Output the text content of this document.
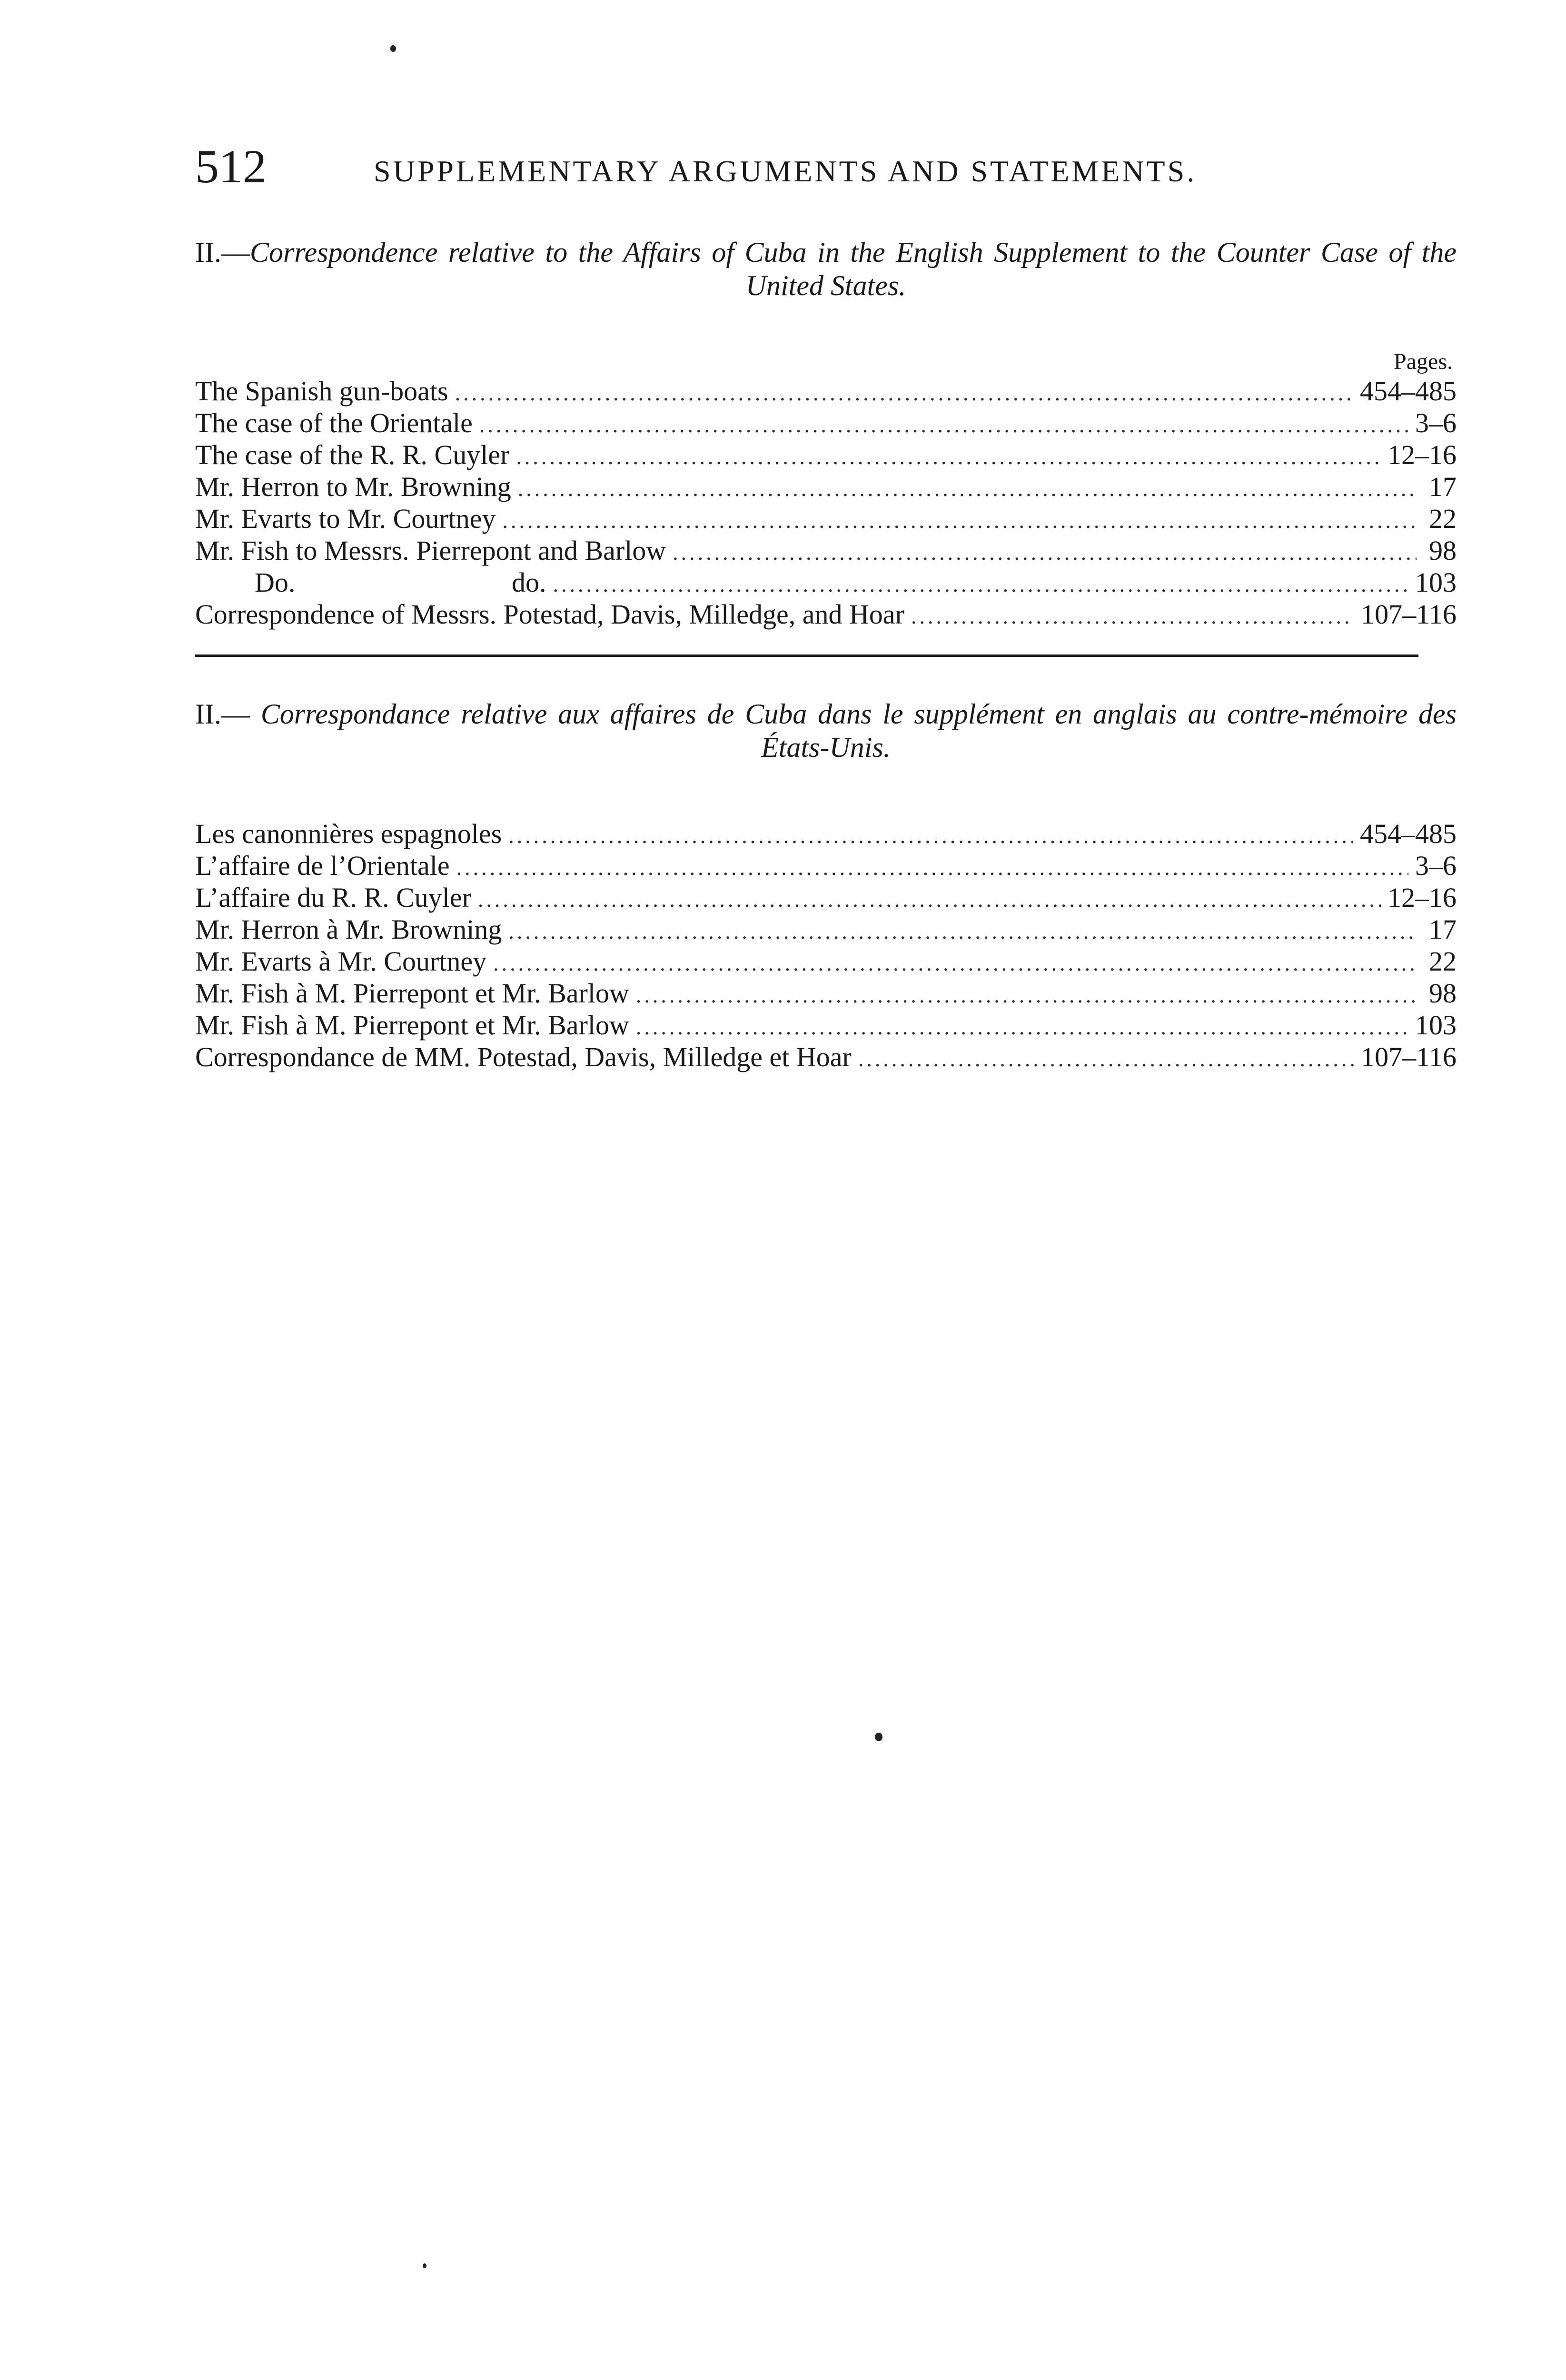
512	SUPPLEMENTARY ARGUMENTS AND STATEMENTS.

II.—Correspondence relative to the Affairs of Cuba in the English Supplement to the Counter Case of the United States.

Pages.
The Spanish gun-boats .....	454–485
The case of the Orientale .....	3–6
The case of the R. R. Cuyler .....	12–16
Mr. Herron to Mr. Browning .....	17
Mr. Evarts to Mr. Courtney .....	22
Mr. Fish to Messrs. Pierrepont and Barlow .....	98
Do.	do. .....	103
Correspondence of Messrs. Potestad, Davis, Milledge, and Hoar .....	107–116

II.— Correspondance relative aux affaires de Cuba dans le supplément en anglais au contre-mémoire des États-Unis.

Les canonnières espagnoles .....	454–485
L’affaire de l’Orientale .....	3–6
L’affaire du R. R. Cuyler .....	12–16
Mr. Herron à Mr. Browning .....	17
Mr. Evarts à Mr. Courtney .....	22
Mr. Fish à M. Pierrepont et Mr. Barlow .....	98
Mr. Fish à M. Pierrepont et Mr. Barlow .....	103
Correspondance de MM. Potestad, Davis, Milledge et Hoar .....	107–116
